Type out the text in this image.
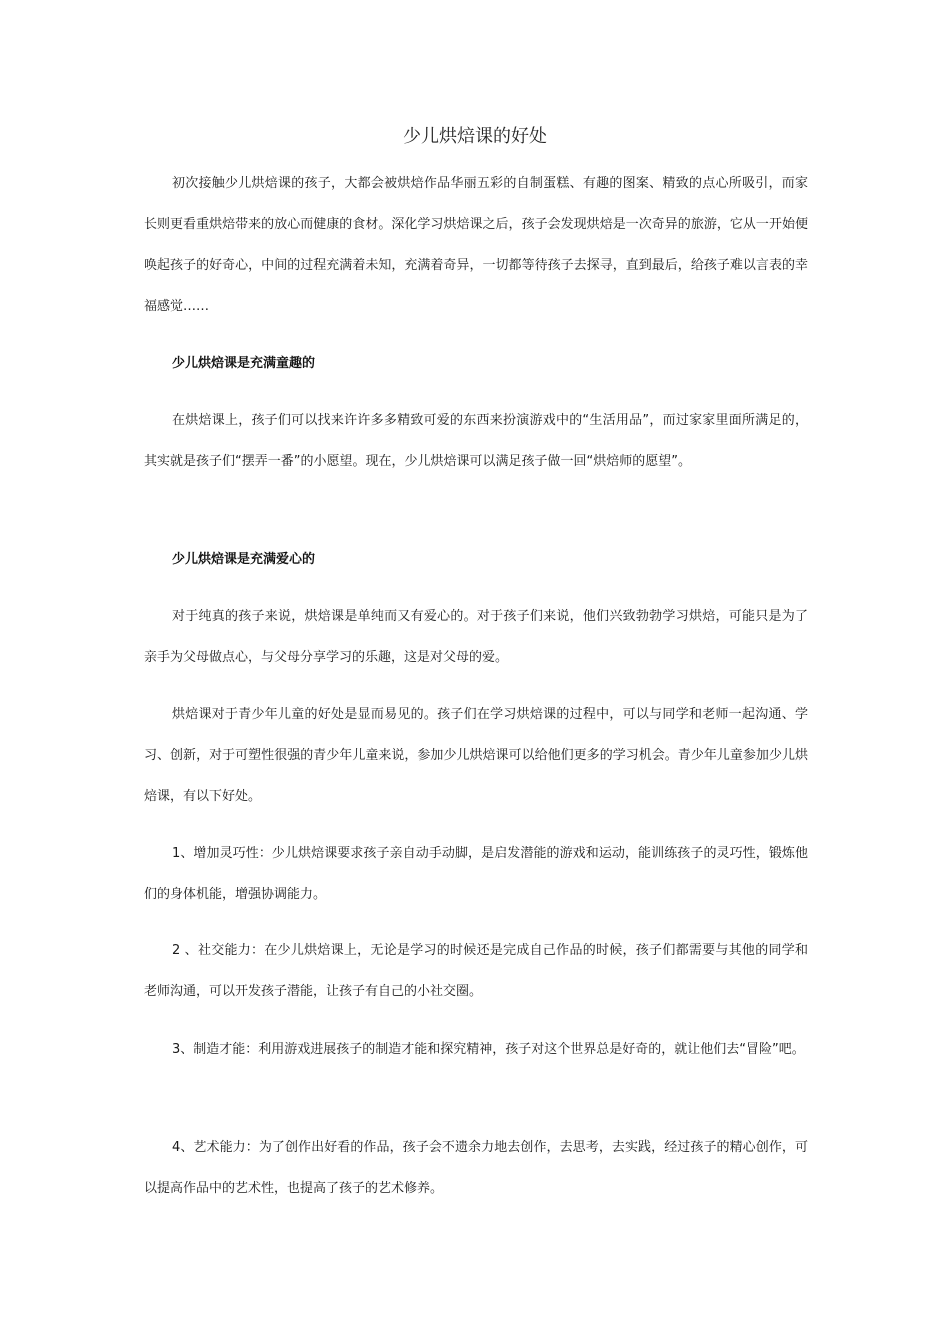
少儿烘焙课的好处

初次接触少儿烘焙课的孩子，大都会被烘焙作品华丽五彩的自制蛋糕、有趣的图案、精致的点心所吸引，而家长则更看重烘焙带来的放心而健康的食材。深化学习烘焙课之后，孩子会发现烘焙是一次奇异的旅游，它从一开始便唤起孩子的好奇心，中间的过程充满着未知，充满着奇异，一切都等待孩子去探寻，直到最后，给孩子难以言表的幸福感觉……

少儿烘焙课是充满童趣的

在烘焙课上，孩子们可以找来许许多多精致可爱的东西来扮演游戏中的“生活用品”，而过家家里面所满足的，其实就是孩子们“摆弄一番”的小愿望。现在，少儿烘焙课可以满足孩子做一回“烘焙师的愿望”。

少儿烘焙课是充满爱心的

对于纯真的孩子来说，烘焙课是单纯而又有爱心的。对于孩子们来说，他们兴致勃勃学习烘焙，可能只是为了亲手为父母做点心，与父母分享学习的乐趣，这是对父母的爱。

烘焙课对于青少年儿童的好处是显而易见的。孩子们在学习烘焙课的过程中，可以与同学和老师一起沟通、学习、创新，对于可塑性很强的青少年儿童来说，参加少儿烘焙课可以给他们更多的学习机会。青少年儿童参加少儿烘焙课，有以下好处。

1、增加灵巧性：少儿烘焙课要求孩子亲自动手动脚，是启发潜能的游戏和运动，能训练孩子的灵巧性，锻炼他们的身体机能，增强协调能力。

2 、社交能力：在少儿烘焙课上，无论是学习的时候还是完成自己作品的时候，孩子们都需要与其他的同学和老师沟通，可以开发孩子潜能，让孩子有自己的小社交圈。

3、制造才能：利用游戏进展孩子的制造才能和探究精神，孩子对这个世界总是好奇的，就让他们去“冒险”吧。

4、艺术能力：为了创作出好看的作品，孩子会不遗余力地去创作，去思考，去实践，经过孩子的精心创作，可以提高作品中的艺术性，也提高了孩子的艺术修养。
